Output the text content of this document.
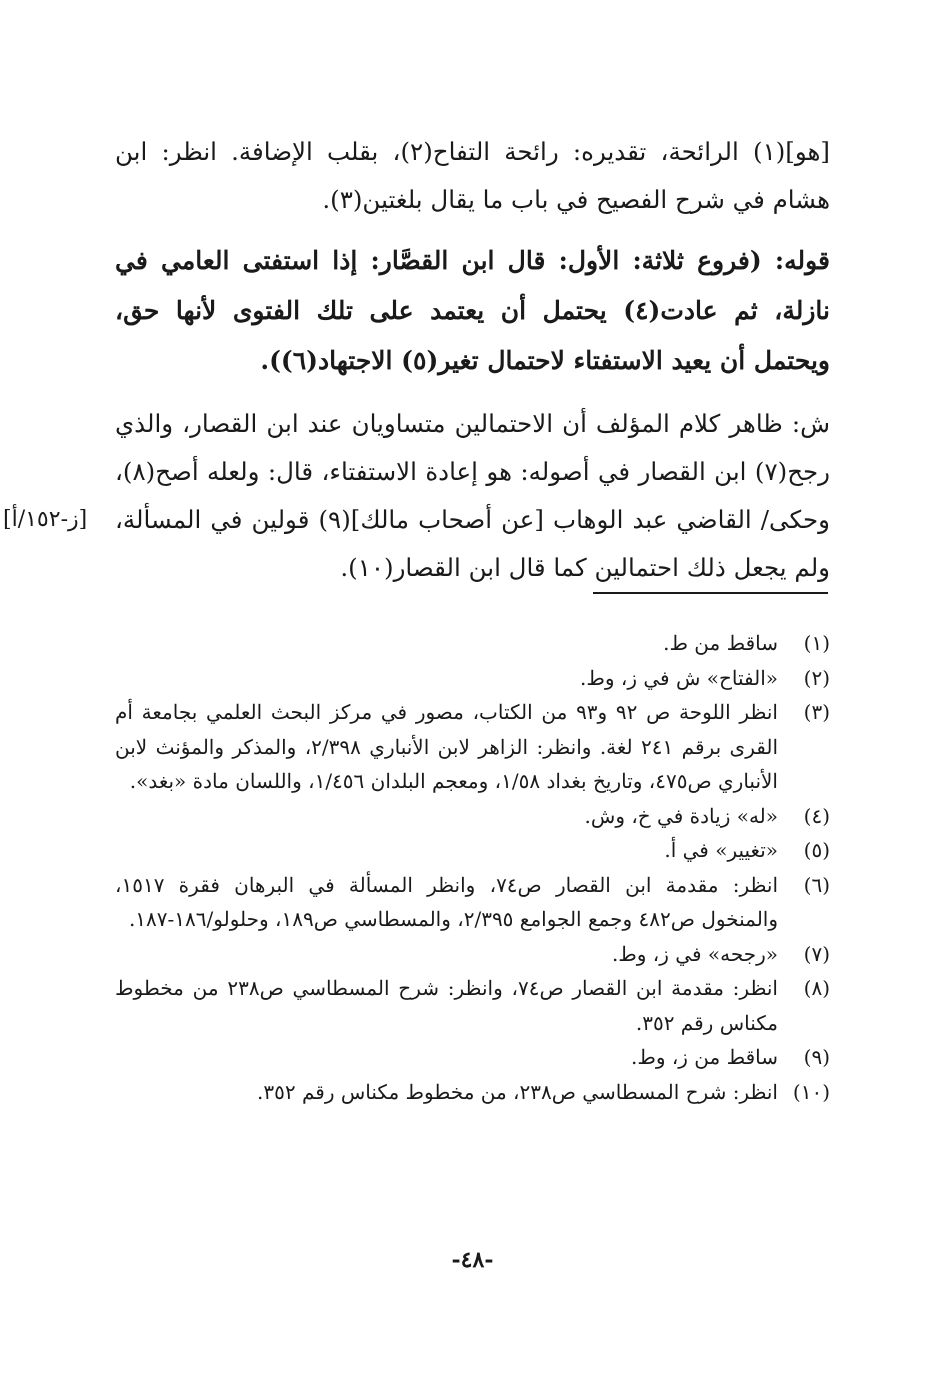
[هو](١) الرائحة، تقديره: رائحة التفاح(٢)، بقلب الإضافة. انظر: ابن هشام في شرح الفصيح في باب ما يقال بلغتين(٣).

قوله: (فروع ثلاثة: الأول: قال ابن القصَّار: إذا استفتى العامي في نازلة، ثم عادت(٤) يحتمل أن يعتمد على تلك الفتوى لأنها حق، ويحتمل أن يعيد الاستفتاء لاحتمال تغير(٥) الاجتهاد(٦)).

ش: ظاهر كلام المؤلف أن الاحتمالين متساويان عند ابن القصار، والذي رجح(٧) ابن القصار في أصوله: هو إعادة الاستفتاء، قال: ولعله أصح(٨)، وحكى/ القاضي عبد الوهاب [عن أصحاب مالك](٩) قولين في المسألة، ولم يجعل ذلك احتمالين كما قال ابن القصار(١٠).

[ز-١٥٢/أ]
(١)
ساقط من ط.
(٢)
«الفتاح» ش في ز، وط.
(٣)
انظر اللوحة ص ٩٢ و٩٣ من الكتاب، مصور في مركز البحث العلمي بجامعة أم القرى برقم ٢٤١ لغة. وانظر: الزاهر لابن الأنباري ٢/٣٩٨، والمذكر والمؤنث لابن الأنباري ص٤٧٥، وتاريخ بغداد ١/٥٨، ومعجم البلدان ١/٤٥٦، واللسان مادة «بغد».
(٤)
«له» زيادة في خ، وش.
(٥)
«تغيير» في أ.
(٦)
انظر: مقدمة ابن القصار ص٧٤، وانظر المسألة في البرهان فقرة ١٥١٧، والمنخول ص٤٨٢ وجمع الجوامع ٢/٣٩٥، والمسطاسي ص١٨٩، وحلولو/١٨٦-١٨٧.
(٧)
«رجحه» في ز، وط.
(٨)
انظر: مقدمة ابن القصار ص٧٤، وانظر: شرح المسطاسي ص٢٣٨ من مخطوط مكناس رقم ٣٥٢.
(٩)
ساقط من ز، وط.
(١٠)
انظر: شرح المسطاسي ص٢٣٨، من مخطوط مكناس رقم ٣٥٢.
-٤٨-
